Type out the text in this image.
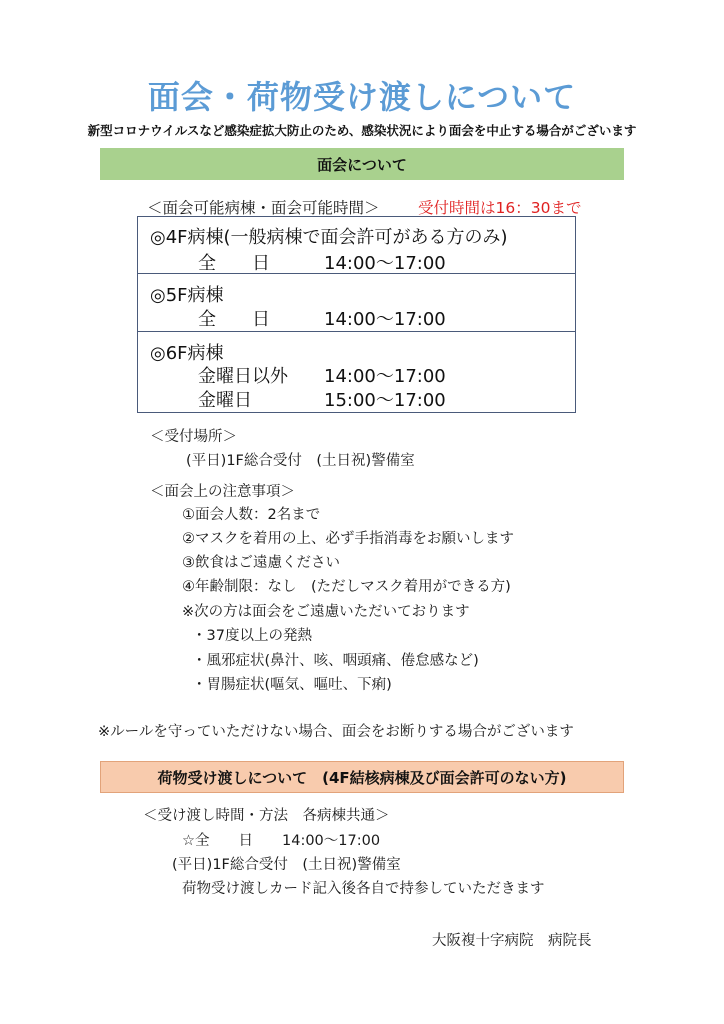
面会・荷物受け渡しについて
新型コロナウイルスなど感染症拡大防止のため、感染状況により面会を中止する場合がございます
面会について
＜面会可能病棟・面会可能時間＞ 受付時間は16：30まで
◎4F病棟(一般病棟で面会許可がある方のみ)
全　　日	14:00～17:00
◎5F病棟
全　　日	14:00～17:00
◎6F病棟
金曜日以外 14:00～17:00
金曜日	15:00～17:00
＜受付場所＞
(平日)1F総合受付　(土日祝)警備室
＜面会上の注意事項＞
①面会人数：2名まで
②マスクを着用の上、必ず手指消毒をお願いします
③飲食はご遠慮ください
④年齢制限：なし　(ただしマスク着用ができる方)
※次の方は面会をご遠慮いただいております
・37度以上の発熱
・風邪症状(鼻汁、咳、咽頭痛、倦怠感など)
・胃腸症状(嘔気、嘔吐、下痢)
※ルールを守っていただけない場合、面会をお断りする場合がございます
荷物受け渡しについて　(4F結核病棟及び面会許可のない方)
＜受け渡し時間・方法　各病棟共通＞
☆全　　日　　14:00～17:00
(平日)1F総合受付　(土日祝)警備室
荷物受け渡しカード記入後各自で持参していただきます
大阪複十字病院　病院長
